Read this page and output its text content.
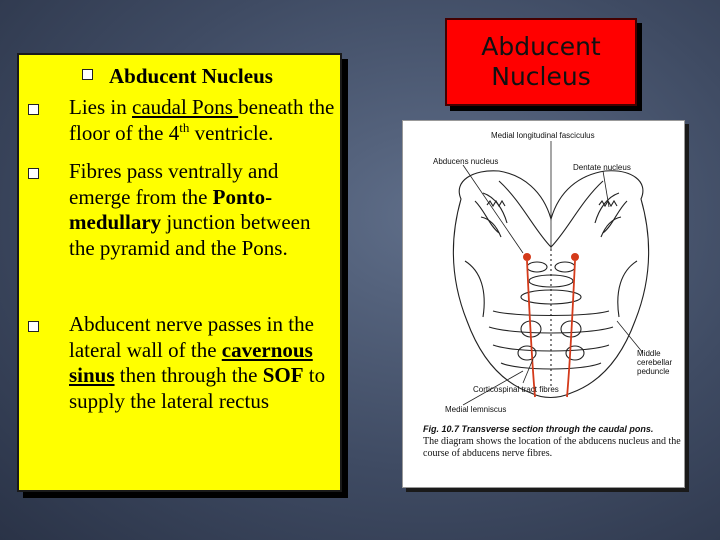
Abducent Nucleus
Lies in caudal Pons beneath the floor of the 4th ventricle.
Fibres pass ventrally and emerge from the Ponto-medullary junction between the pyramid and the Pons.
Abducent nerve passes in the lateral wall of the cavernous sinus then through the SOF to supply the lateral rectus
Abducent
Nucleus
Medial longitudinal fasciculus
Abducens nucleus
Dentate nucleus
Middle
cerebellar
peduncle
Corticospinal tract fibres
Medial lemniscus
Fig. 10.7 Transverse section through the caudal pons.
The diagram shows the location of the abducens nucleus and the course of abducens nerve fibres.
